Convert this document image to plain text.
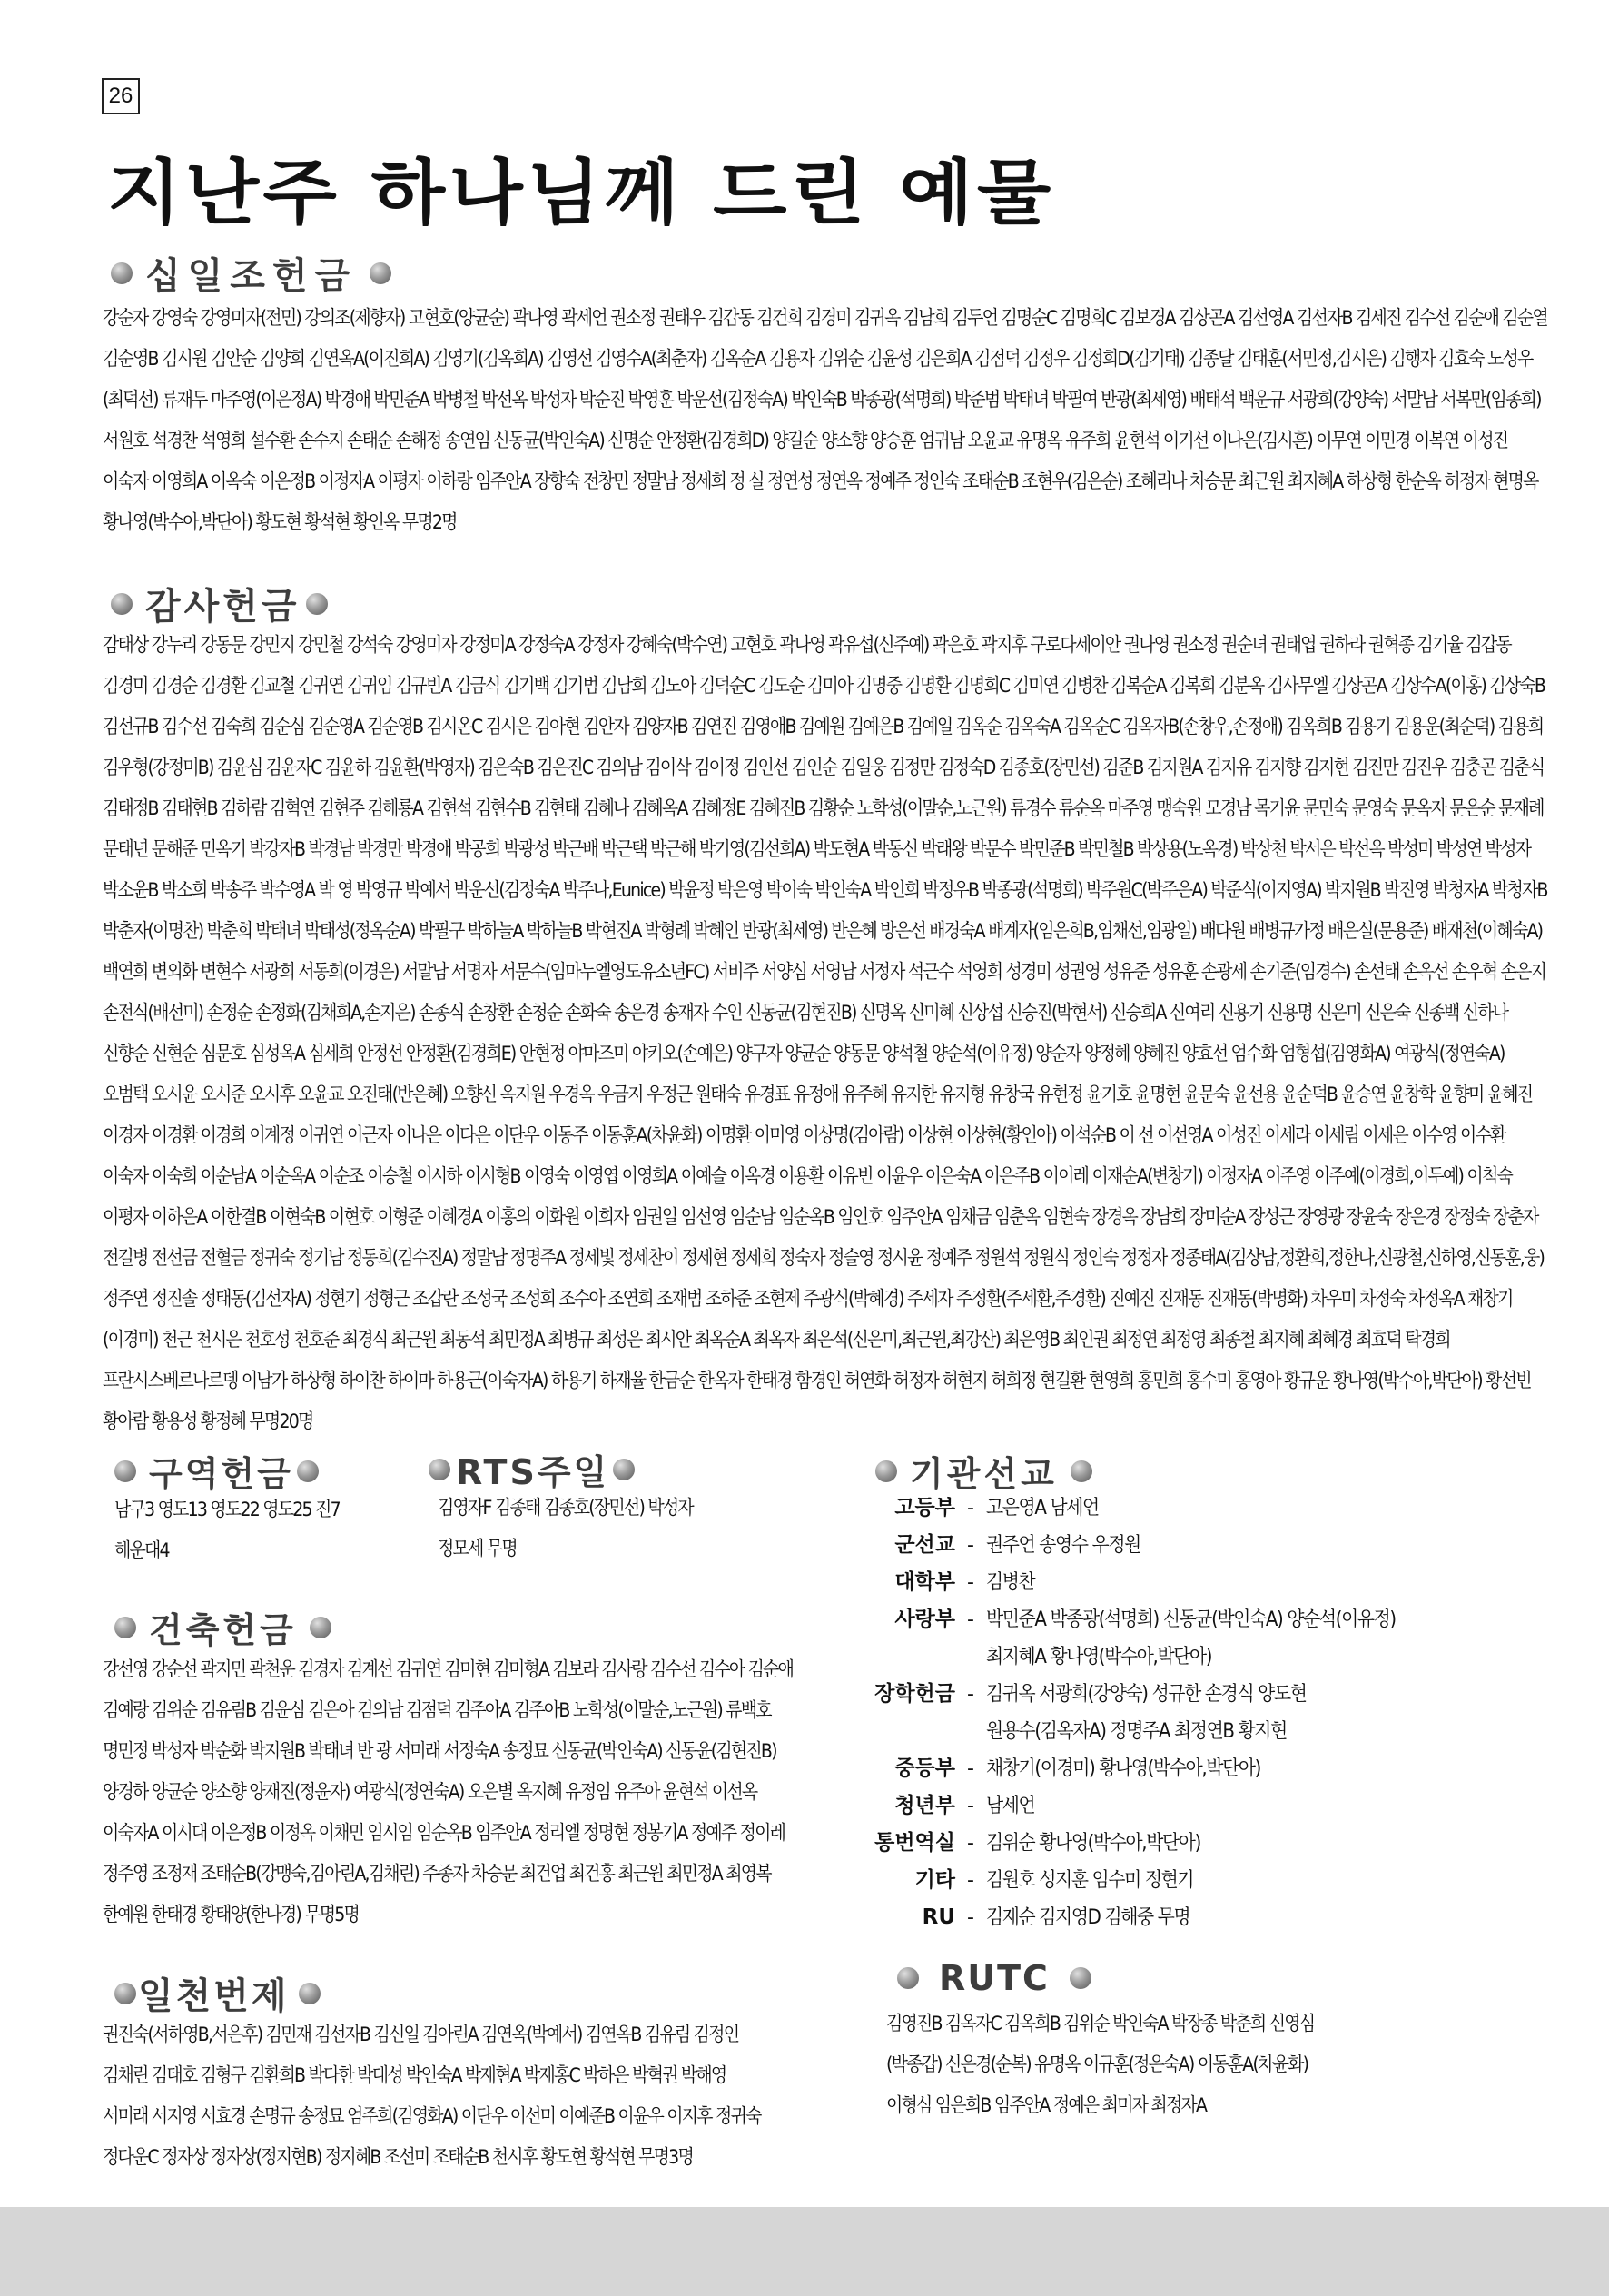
26
지난주 하나님께 드린 예물
십일조헌금
강순자 강영숙 강영미자(전민) 강의조(제향자) 고현호(양균순) 곽나영 곽세언 권소정 권태우 김갑동 김건희 김경미 김귀옥 김남희 김두언 김명순C 김명희C 김보경A 김상곤A 김선영A 김선자B 김세진 김수선 김순애 김순열 김순영B 김시원 김안순 김양희 김연옥A(이진희A) 김영기(김옥희A) 김영선 김영수A(최춘자) 김옥순A 김용자 김위순 김윤성 김은희A 김점덕 김정우 김정희D(김기태) 김종달 김태훈(서민정,김시은) 김행자 김효숙 노성우(최덕선) 류재두 마주영(이은정A) 박경애 박민준A 박병철 박선옥 박성자 박순진 박영훈 박운선(김정숙A) 박인숙B 박종광(석명희) 박준범 박태녀 박필여 반광(최세영) 배태석 백운규 서광희(강양숙) 서말남 서복만(임종희) 서원호 석경찬 석영희 설수환 손수지 손태순 손해정 송연임 신동균(박인숙A) 신명순 안정환(김경희D) 양길순 양소향 양승훈 엄귀남 오윤교 유명옥 유주희 윤현석 이기선 이나은(김시흔) 이무연 이민경 이복연 이성진 이숙자 이영희A 이옥숙 이은정B 이정자A 이평자 이하랑 임주안A 장향숙 전창민 정말남 정세희 정 실 정연성 정연옥 정예주 정인숙 조태순B 조현우(김은순) 조혜리나 차승문 최근원 최지혜A 하상형 한순옥 허정자 현명옥 황나영(박수아,박단아) 황도현 황석현 황인옥 무명2명
감사헌금
감태상 강누리 강동문 강민지 강민철 강석숙 강영미자 강정미A 강정숙A 강정자 강혜숙(박수연) 고현호 곽나영 곽유섭(신주예) 곽은호 곽지후 구로다세이안 권나영 권소정 권순녀 권태엽 권하라 권혁종 김기율 김갑동 김경미 김경순 김경환 김교철 김귀연 김귀임 김규빈A 김금식 김기백 김기범 김남희 김노아 김덕순C 김도순 김미아 김명중 김명환 김명희C 김미연 김병찬 김복순A 김복희 김분옥 김사무엘 김상곤A 김상수A(이홍) 김상숙B 김선규B 김수선 김숙희 김순심 김순영A 김순영B 김시온C 김시은 김아현 김안자 김양자B 김연진 김영애B 김예원 김예은B 김예일 김옥순 김옥숙A 김옥순C 김옥자B(손창우,손정애) 김옥희B 김용기 김용운(최순덕) 김용희 김우형(강정미B) 김윤심 김윤자C 김윤하 김윤환(박영자) 김은숙B 김은진C 김의남 김이삭 김이정 김인선 김인순 김일웅 김정만 김정숙D 김종호(장민선) 김준B 김지원A 김지유 김지향 김지현 김진만 김진우 김충곤 김춘식 김태정B 김태현B 김하람 김혁연 김현주 김해룡A 김현석 김현수B 김현태 김혜나 김혜옥A 김혜정E 김혜진B 김황순 노학성(이말순,노근원) 류경수 류순옥 마주영 맹숙원 모경남 목기윤 문민숙 문영숙 문옥자 문은순 문재례 문태년 문해준 민옥기 박강자B 박경남 박경만 박경애 박공희 박광성 박근배 박근택 박근해 박기영(김선희A) 박도현A 박동신 박래왕 박문수 박민준B 박민철B 박상용(노옥경) 박상천 박서은 박선옥 박성미 박성연 박성자 박소윤B 박소희 박송주 박수영A 박 영 박영규 박예서 박운선(김정숙A 박주나,Eunice) 박윤정 박은영 박이숙 박인숙A 박인희 박정우B 박종광(석명희) 박주원C(박주은A) 박준식(이지영A) 박지원B 박진영 박청자A 박청자B 박춘자(이명찬) 박춘희 박태녀 박태성(정옥순A) 박필구 박하늘A 박하늘B 박현진A 박형례 박혜인 반광(최세영) 반은혜 방은선 배경숙A 배계자(임은희B,임채선,임광일) 배다원 배병규가정 배은실(문용준) 배재천(이혜숙A) 백연희 변외화 변현수 서광희 서동희(이경은) 서말남 서명자 서문수(임마누엘영도유소년FC) 서비주 서양심 서영남 서정자 석근수 석영희 성경미 성권영 성유준 성유훈 손광세 손기준(임경수) 손선태 손옥선 손우혁 손은지 손전식(배선미) 손정순 손정화(김채희A,손지은) 손종식 손창환 손청순 손화숙 송은경 송재자 수인 신동균(김현진B) 신명옥 신미혜 신상섭 신승진(박현서) 신승희A 신여리 신용기 신용명 신은미 신은숙 신종백 신하나 신향순 신현순 심문호 심성옥A 심세희 안정선 안정환(김경희E) 안현정 야마즈미 야키오(손예은) 양구자 양균순 양동문 양석철 양순석(이유정) 양순자 양정혜 양혜진 양효선 엄수화 엄형섭(김영화A) 여광식(정연숙A) 오범택 오시윤 오시준 오시후 오윤교 오진태(반은혜) 오향신 옥지원 우경옥 우금지 우정근 원태숙 유경표 유정애 유주혜 유지한 유지형 유창국 유현정 윤기호 윤명현 윤문숙 윤선용 윤순덕B 윤승연 윤창학 윤향미 윤혜진 이경자 이경환 이경희 이계정 이귀연 이근자 이나은 이다은 이단우 이동주 이동훈A(차윤화) 이명환 이미영 이상명(김아람) 이상현 이상현(황인아) 이석순B 이 선 이선영A 이성진 이세라 이세림 이세은 이수영 이수환 이숙자 이숙희 이순남A 이순옥A 이순조 이승철 이시하 이시형B 이영숙 이영엽 이영희A 이예슬 이옥경 이용환 이유빈 이윤우 이은숙A 이은주B 이이레 이재순A(변창기) 이정자A 이주영 이주예(이경희,이두예) 이척숙 이평자 이하은A 이한결B 이현숙B 이현호 이형준 이혜경A 이홍의 이화원 이희자 임권일 임선영 임순남 임순옥B 임인호 임주안A 임채금 임춘옥 임현숙 장경옥 장남희 장미순A 장성근 장영광 장윤숙 장은경 장정숙 장춘자 전길병 전선금 전혈금 정귀숙 정기남 정동희(김수진A) 정말남 정명주A 정세빛 정세찬이 정세현 정세희 정숙자 정슬영 정시윤 정예주 정원석 정원식 정인숙 정정자 정종태A(김상남,정환희,정한나,신광철,신하영,신동훈,웅) 정주연 정진솔 정태동(김선자A) 정현기 정형근 조갑란 조성국 조성희 조수아 조연희 조재범 조하준 조현제 주광식(박혜경) 주세자 주정환(주세환,주경환) 진예진 진재동 진재동(박명화) 차우미 차정숙 차정옥A 채창기(이경미) 천근 천시은 천호성 천호준 최경식 최근원 최동석 최민정A 최병규 최성은 최시안 최옥순A 최옥자 최은석(신은미,최근원,최강산) 최은영B 최인권 최정연 최정영 최종철 최지혜 최혜경 최효덕 탁경희 프란시스베르나르뎅 이남가 하상형 하이찬 하이마 하용근(이숙자A) 하용기 하재율 한금순 한옥자 한태경 함경인 허연화 허정자 허현지 허희정 현길환 현영희 홍민희 홍수미 홍영아 황규운 황나영(박수아,박단아) 황선빈 황아람 황용성 황정혜 무명20명
구역헌금
남구3 영도13 영도22 영도25 진7 해운대4
RTS주일
김영자F 김종태 김종호(장민선) 박성자 정모세 무명
기관선교
고등부 - 고은영A 남세언
군선교 - 권주언 송영수 우정원
대학부 - 김병찬
사랑부 - 박민준A 박종광(석명희) 신동균(박인숙A) 양순석(이유정)
최지혜A 황나영(박수아,박단아)
장학헌금 - 김귀옥 서광희(강양숙) 성규한 손경식 양도현
원용수(김옥자A) 정명주A 최정연B 황지현
중등부 - 채창기(이경미) 황나영(박수아,박단아)
청년부 - 남세언
통번역실 - 김위순 황나영(박수아,박단아)
기타 - 김원호 성지훈 임수미 정현기
RU - 김재순 김지영D 김해중 무명
건축헌금
강선영 강순선 곽지민 곽천운 김경자 김계선 김귀연 김미현 김미형A 김보라 김사랑 김수선 김수아 김순애 김예랑 김위순 김유림B 김윤심 김은아 김의남 김점덕 김주아A 김주아B 노학성(이말순,노근원) 류백호 명민정 박성자 박순화 박지원B 박태녀 반 광 서미래 서정숙A 송정묘 신동균(박인숙A) 신동윤(김현진B) 양경하 양균순 양소향 양재진(정윤자) 여광식(정연숙A) 오은별 옥지혜 유정임 유주아 윤현석 이선옥 이숙자A 이시대 이은정B 이정옥 이채민 임시임 임순옥B 임주안A 정리엘 정명현 정봉기A 정예주 정이레 정주영 조정재 조태순B(강맹숙,김아린A,김채린) 주종자 차승문 최건업 최건홍 최근원 최민정A 최영복 한예원 한태경 황태양(한나경) 무명5명
일천번제
권진숙(서하영B,서은후) 김민재 김선자B 김신일 김아린A 김연옥(박예서) 김연옥B 김유림 김정인 김채린 김태호 김형구 김환희B 박다한 박대성 박인숙A 박재현A 박재홍C 박하은 박혁권 박해영 서미래 서지영 서효경 손명규 송정묘 엄주희(김영화A) 이단우 이선미 이예준B 이윤우 이지후 정귀숙 정다운C 정자상 정자상(정지현B) 정지혜B 조선미 조태순B 천시후 황도현 황석현 무명3명
RUTC
김영진B 김옥자C 김옥희B 김위순 박인숙A 박장종 박춘희 신영심(박종갑) 신은경(순복) 유명옥 이규훈(정은숙A) 이동훈A(차윤화) 이형심 임은희B 임주안A 정예은 최미자 최정자A
